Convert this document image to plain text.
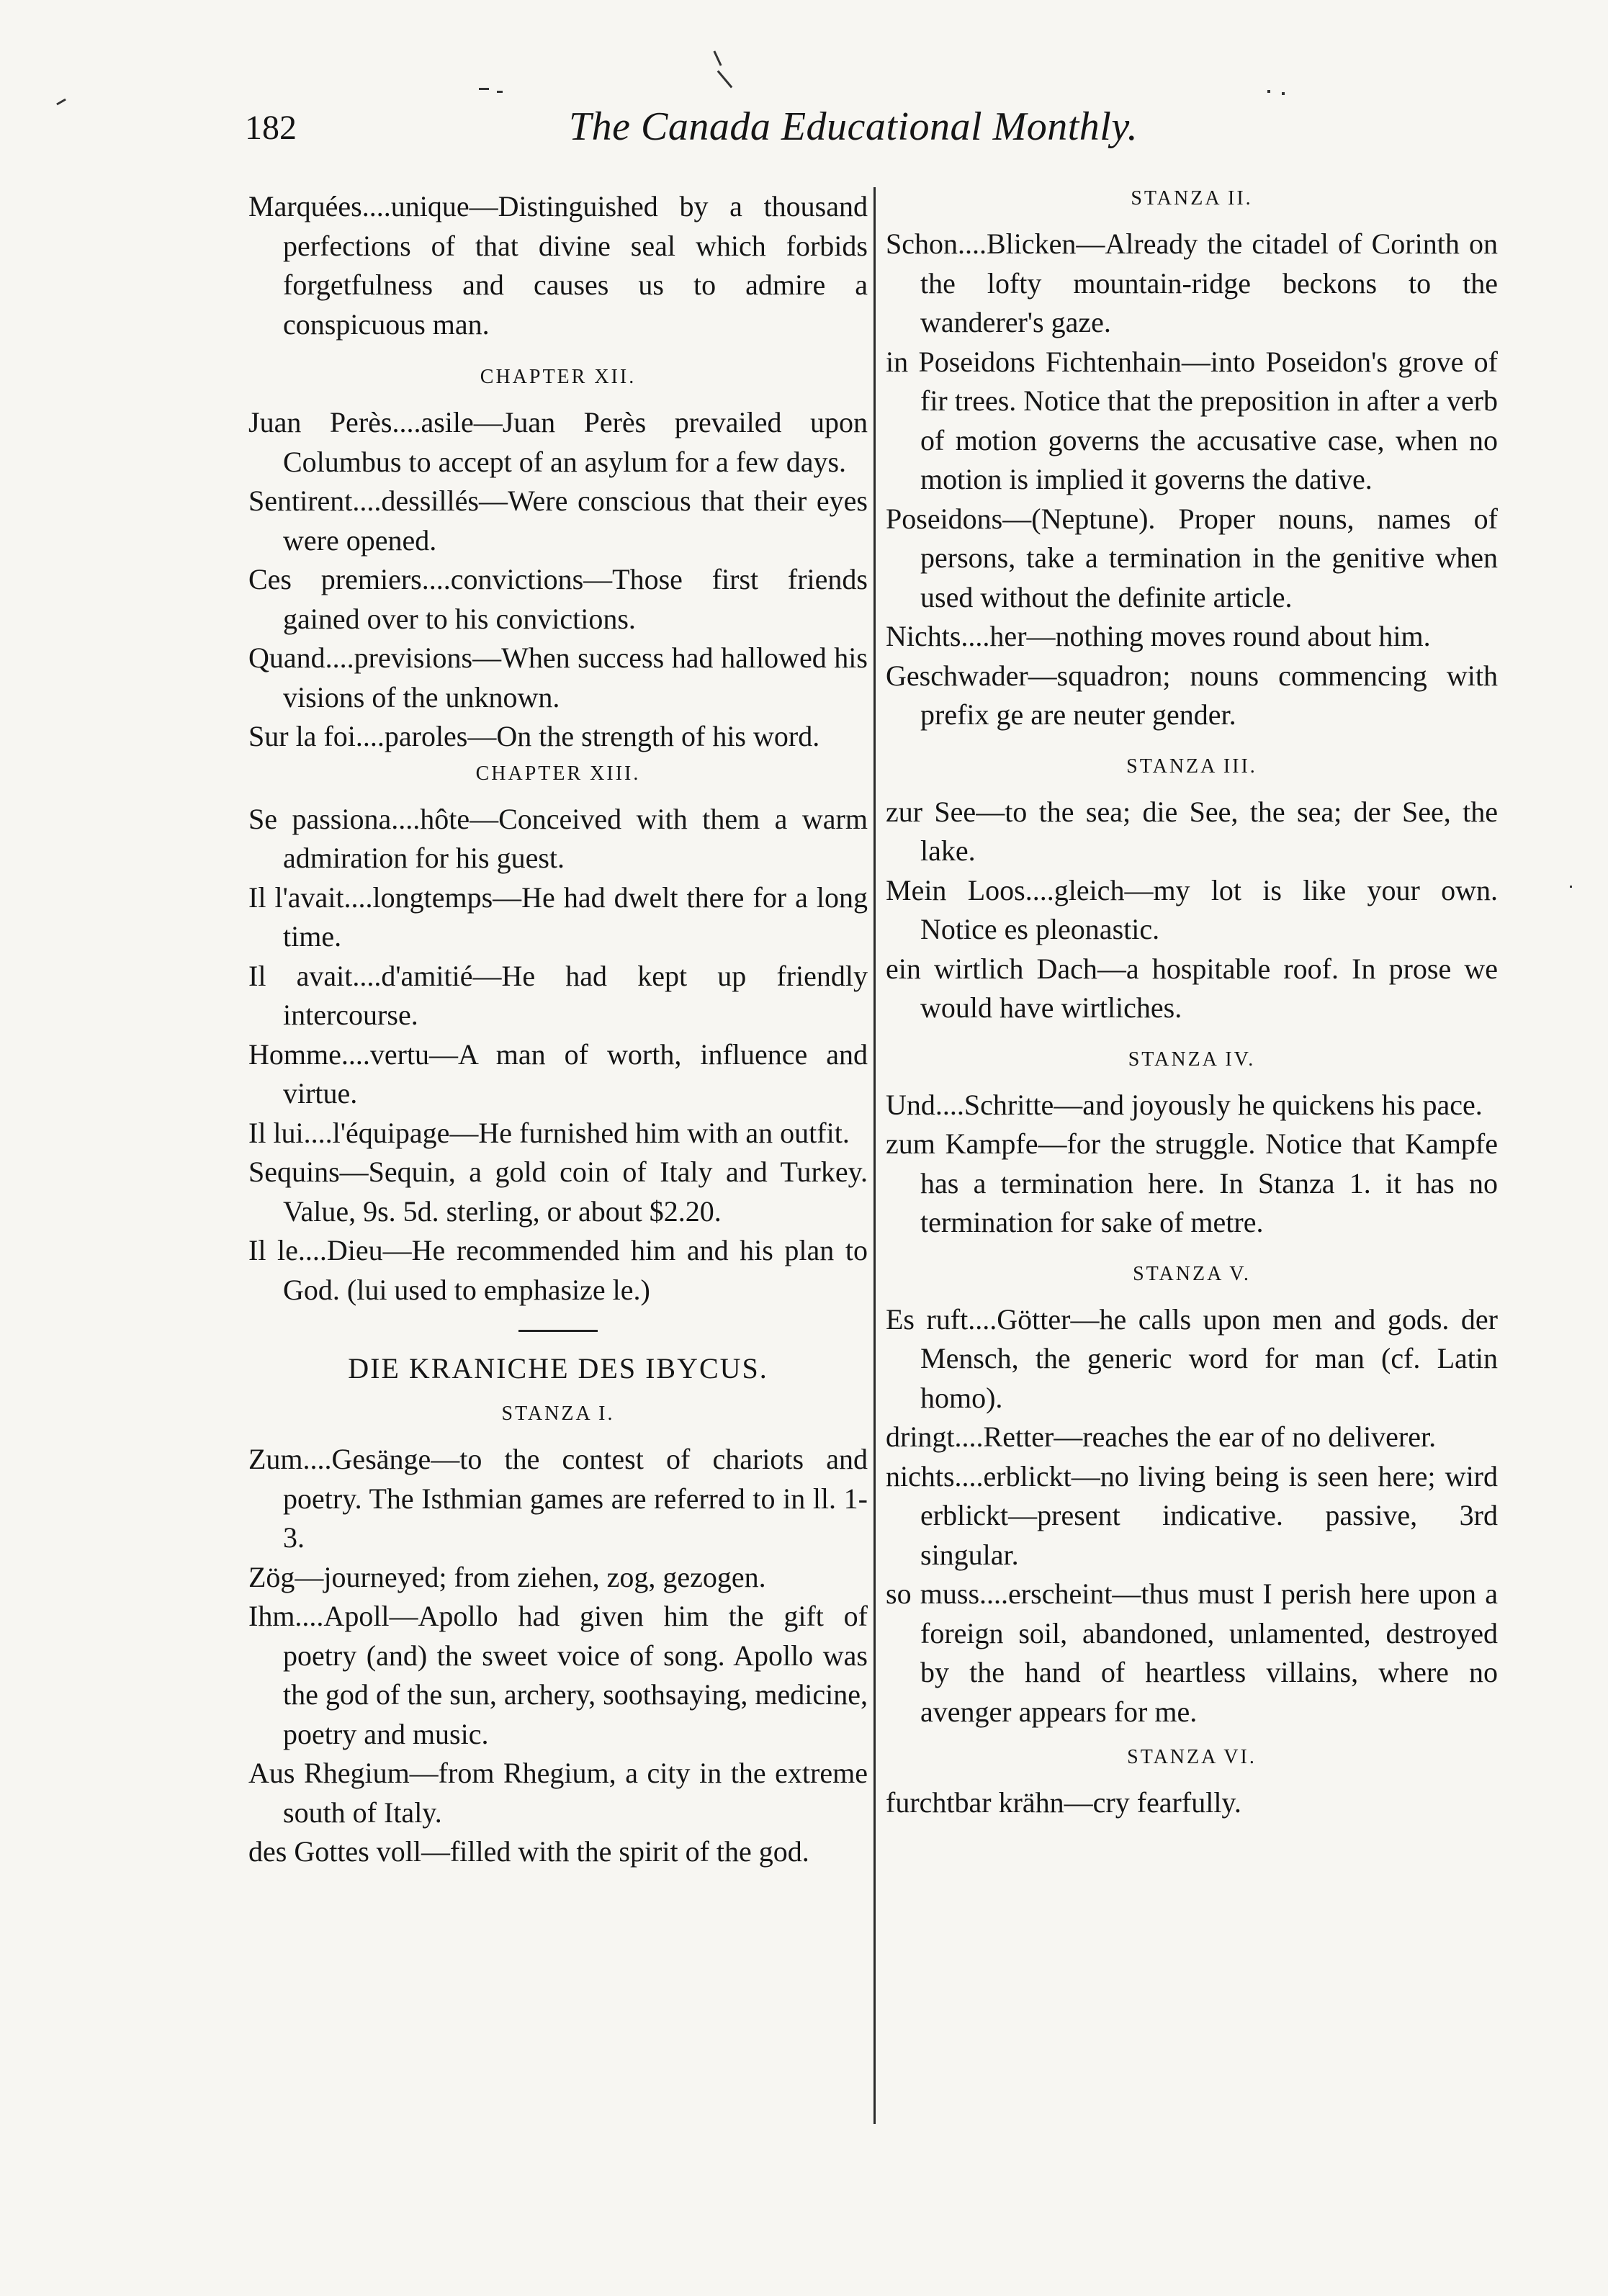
182	The Canada Educational Monthly.

Marquées....unique—Distinguished by a thousand perfections of that divine seal which forbids forgetfulness and causes us to admire a conspicuous man.

CHAPTER XII.

Juan Perès....asile—Juan Perès prevailed upon Columbus to accept of an asylum for a few days.

Sentirent....dessillés—Were conscious that their eyes were opened.

Ces premiers....convictions—Those first friends gained over to his convictions.

Quand....previsions—When success had hallowed his visions of the unknown.

Sur la foi....paroles—On the strength of his word.

CHAPTER XIII.

Se passiona....hôte—Conceived with them a warm admiration for his guest.

Il l'avait....longtemps—He had dwelt there for a long time.

Il avait....d'amitié—He had kept up friendly intercourse.

Homme....vertu—A man of worth, influence and virtue.

Il lui....l'équipage—He furnished him with an outfit.

Sequins—Sequin, a gold coin of Italy and Turkey. Value, 9s. 5d. sterling, or about $2.20.

Il le....Dieu—He recommended him and his plan to God. (lui used to emphasize le.)

DIE KRANICHE DES IBYCUS.
STANZA I.

Zum....Gesänge—to the contest of chariots and poetry. The Isthmian games are referred to in ll. 1-3.

Zög—journeyed; from ziehen, zog, gezogen.

Ihm....Apoll—Apollo had given him the gift of poetry (and) the sweet voice of song. Apollo was the god of the sun, archery, soothsaying, medicine, poetry and music.

Aus Rhegium—from Rhegium, a city in the extreme south of Italy.

des Gottes voll—filled with the spirit of the god.

STANZA II.

Schon....Blicken—Already the citadel of Corinth on the lofty mountain-ridge beckons to the wanderer's gaze.

in Poseidons Fichtenhain—into Poseidon's grove of fir trees. Notice that the preposition in after a verb of motion governs the accusative case, when no motion is implied it governs the dative.

Poseidons—(Neptune). Proper nouns, names of persons, take a termination in the genitive when used without the definite article.

Nichts....her—nothing moves round about him.

Geschwader—squadron; nouns commencing with prefix ge are neuter gender.

STANZA III.

zur See—to the sea; die See, the sea; der See, the lake.

Mein Loos....gleich—my lot is like your own. Notice es pleonastic.

ein wirtlich Dach—a hospitable roof. In prose we would have wirtliches.

STANZA IV.

Und....Schritte—and joyously he quickens his pace.

zum Kampfe—for the struggle. Notice that Kampfe has a termination here. In Stanza 1. it has no termination for sake of metre.

STANZA V.

Es ruft....Götter—he calls upon men and gods. der Mensch, the generic word for man (cf. Latin homo).

dringt....Retter—reaches the ear of no deliverer.

nichts....erblickt—no living being is seen here; wird erblickt—present indicative. passive, 3rd singular.

so muss....erscheint—thus must I perish here upon a foreign soil, abandoned, unlamented, destroyed by the hand of heartless villains, where no avenger appears for me.

STANZA VI.

furchtbar krähn—cry fearfully.
